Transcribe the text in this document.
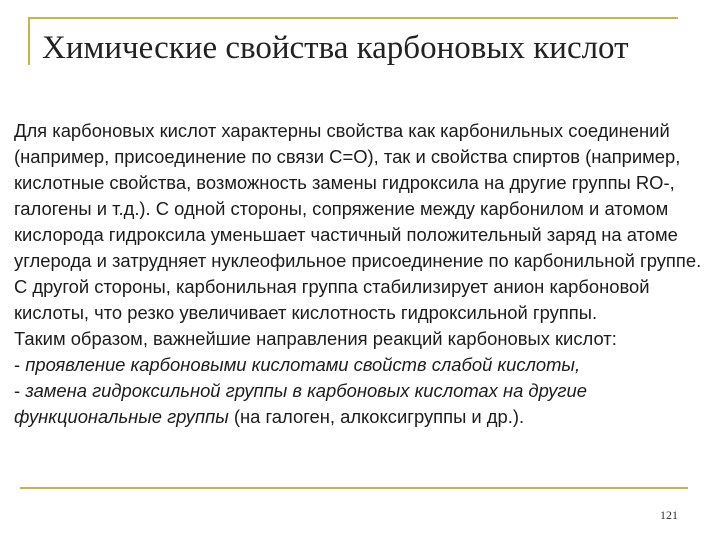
Химические свойства карбоновых кислот

Для карбоновых кислот характерны свойства как карбонильных соединений (например, присоединение по связи С=О), так и свойства спиртов (например, кислотные свойства, возможность замены гидроксила на другие группы RO-, галогены и т.д.). С одной стороны, сопряжение между карбонилом и атомом кислорода гидроксила уменьшает частичный положительный заряд на атоме углерода и затрудняет нуклеофильное присоединение по карбонильной группе. С другой стороны, карбонильная группа стабилизирует анион карбоновой кислоты, что резко увеличивает кислотность гидроксильной группы.

Таким образом, важнейшие направления реакций карбоновых кислот:

- проявление карбоновыми кислотами свойств слабой кислоты,

- замена гидроксильной группы в карбоновых кислотах на другие функциональные группы (на галоген, алкоксигруппы и др.).

121
